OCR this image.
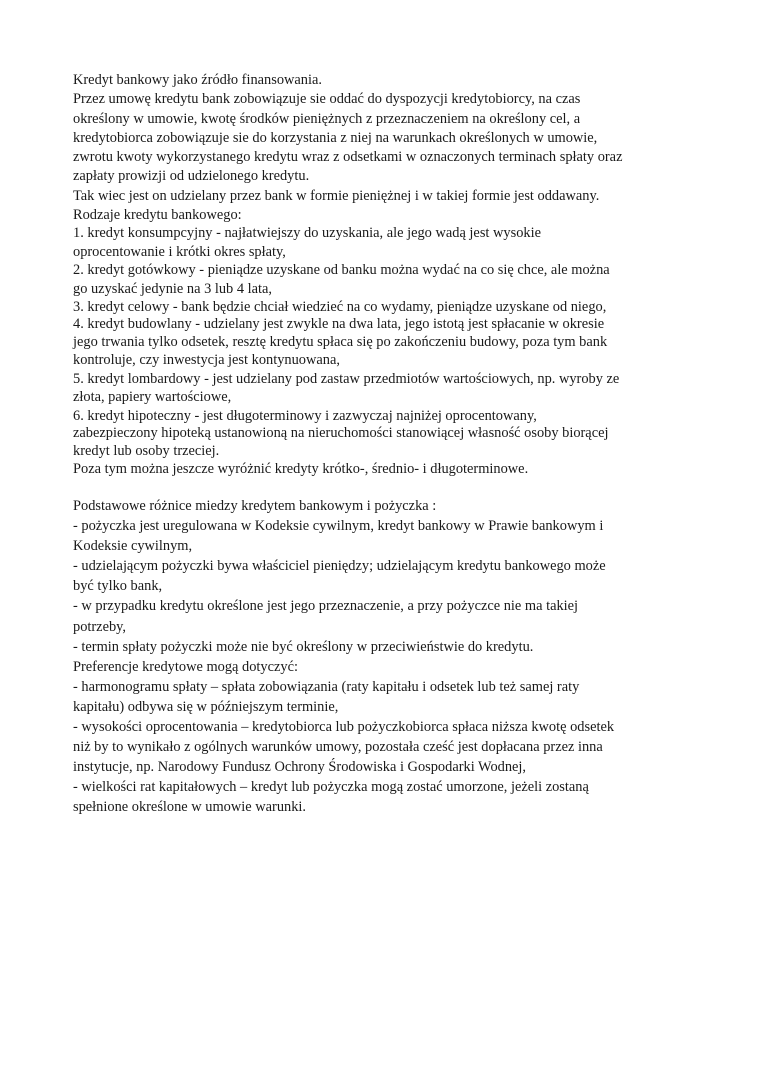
Kredyt bankowy jako źródło finansowania.
Przez umowę kredytu bank zobowiązuje sie oddać do dyspozycji kredytobiorcy, na czas
określony w umowie, kwotę środków pieniężnych z przeznaczeniem na określony cel, a
kredytobiorca zobowiązuje sie do korzystania z niej na warunkach określonych w umowie,
zwrotu kwoty wykorzystanego kredytu wraz z odsetkami w oznaczonych terminach spłaty oraz
zapłaty prowizji od udzielonego kredytu.
Tak wiec jest on udzielany przez bank w formie pieniężnej i w takiej formie jest oddawany.
Rodzaje kredytu bankowego:
1. kredyt konsumpcyjny - najłatwiejszy do uzyskania, ale jego wadą jest wysokie
oprocentowanie i krótki okres spłaty,
2. kredyt gotówkowy - pieniądze uzyskane od banku można wydać na co się chce, ale można
go uzyskać jedynie na 3 lub 4 lata,
3. kredyt celowy - bank będzie chciał wiedzieć na co wydamy, pieniądze uzyskane od niego,
4. kredyt budowlany - udzielany jest zwykle na dwa lata, jego istotą jest spłacanie w okresie
jego trwania tylko odsetek, resztę kredytu spłaca się po zakończeniu budowy, poza tym bank
kontroluje, czy inwestycja jest kontynuowana,
5. kredyt lombardowy - jest udzielany pod zastaw przedmiotów wartościowych, np. wyroby ze
złota, papiery wartościowe,
6. kredyt hipoteczny - jest długoterminowy i zazwyczaj najniżej oprocentowany,
zabezpieczony hipoteką ustanowioną na nieruchomości stanowiącej własność osoby biorącej
kredyt lub osoby trzeciej.
Poza tym można jeszcze wyróżnić kredyty krótko-, średnio- i długoterminowe.
Podstawowe różnice miedzy kredytem bankowym i pożyczka :
- pożyczka jest uregulowana w Kodeksie cywilnym, kredyt bankowy w Prawie bankowym i
Kodeksie cywilnym,
- udzielającym pożyczki bywa właściciel pieniędzy; udzielającym kredytu bankowego może
być tylko bank,
- w przypadku kredytu określone jest jego przeznaczenie, a przy pożyczce nie ma takiej
potrzeby,
- termin spłaty pożyczki może nie być określony w przeciwieństwie do kredytu.
Preferencje kredytowe mogą dotyczyć:
- harmonogramu spłaty – spłata zobowiązania (raty kapitału i odsetek lub też samej raty
kapitału) odbywa się w późniejszym terminie,
- wysokości oprocentowania – kredytobiorca lub pożyczkobiorca spłaca niższa kwotę odsetek
niż by to wynikało z ogólnych warunków umowy, pozostała cześć jest dopłacana przez inna
instytucje, np. Narodowy Fundusz Ochrony Środowiska i Gospodarki Wodnej,
- wielkości rat kapitałowych – kredyt lub pożyczka mogą zostać umorzone, jeżeli zostaną
spełnione określone w umowie warunki.
